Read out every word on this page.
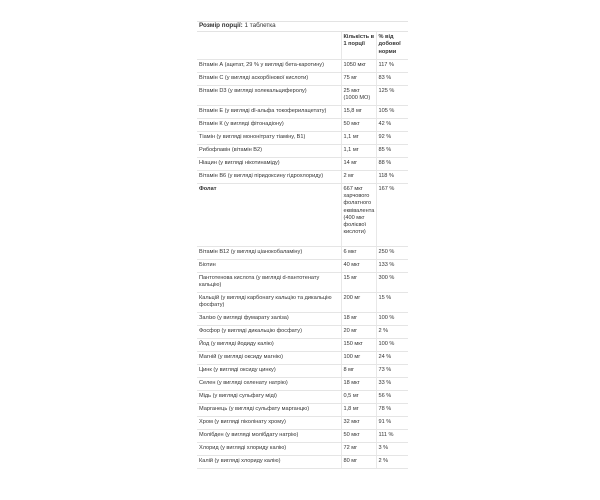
Розмір порції: 1 таблетка
	Кількість в 1 порції	% від добової норми
Вітамін А (ацетат, 29 % у вигляді бета-каротину)	1050 мкг	117 %
Вітамін С (у вигляді аскорбінової кислоти)	75 мг	83 %
Вітамін D3 (у вигляді холекальциферолу)	25 мкг (1000 МО)	125 %
Вітамін Е (у вигляді dl-альфа токоферилацетату)	15,8 мг	105 %
Вітамін К (у вигляді фітонадіону)	50 мкг	42 %
Тіамін (у вигляді мононітрату тіаміну, B1)	1,1 мг	92 %
Рибофлавін (вітамін В2)	1,1 мг	85 %
Ніацин (у вигляді нікотинаміду)	14 мг	88 %
Вітамін В6 (у вигляді піридоксину гідрохлориду)	2 мг	118 %
Фолат	667 мкг харчового фолатного еквівалента (400 мкг фолієвої кислоти)	167 %
Вітамін В12 (у вигляді ціанокобаламіну)	6 мкг	250 %
Біотин	40 мкг	133 %
Пантотенова кислота (у вигляді d-пантотенату кальцію)	15 мг	300 %
Кальцій (у вигляді карбонату кальцію та дикальцію фосфату)	200 мг	15 %
Залізо (у вигляді фумарату заліза)	18 мг	100 %
Фосфор (у вигляді дикальцію фосфату)	20 мг	2 %
Йод (у вигляді йодиду калію)	150 мкг	100 %
Магній (у вигляді оксиду магнію)	100 мг	24 %
Цинк (у вигляді оксиду цинку)	8 мг	73 %
Селен (у вигляді селенату натрію)	18 мкг	33 %
Мідь (у вигляді сульфату міді)	0,5 мг	56 %
Марганець (у вигляді сульфату марганцю)	1,8 мг	78 %
Хром (у вигляді піколінату хрому)	32 мкг	91 %
Молібден (у вигляді молібдату натрію)	50 мкг	111 %
Хлорид (у вигляді хлориду калію)	72 мг	3 %
Калій (у вигляді хлориду калію)	80 мг	2 %
